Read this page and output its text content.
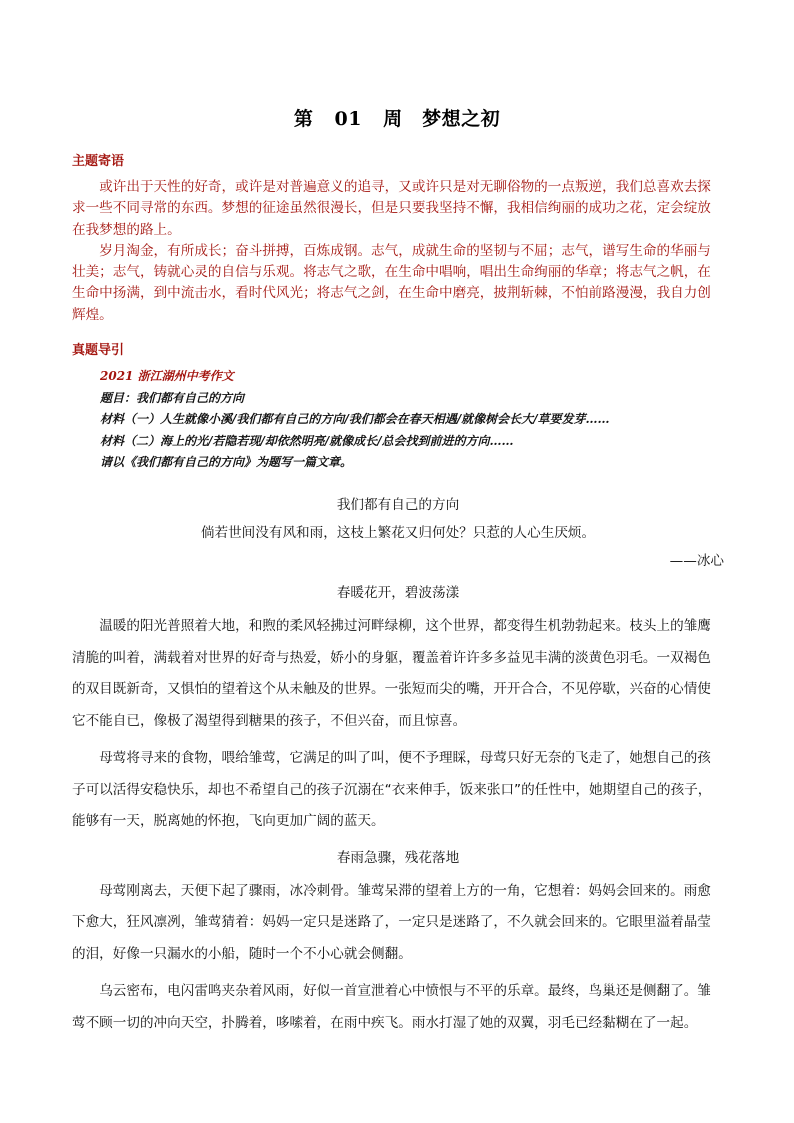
第 01 周　梦想之初
主题寄语

或许出于天性的好奇，或许是对普遍意义的追寻，又或许只是对无聊俗物的一点叛逆，我们总喜欢去探求一些不同寻常的东西。梦想的征途虽然很漫长，但是只要我坚持不懈，我相信绚丽的成功之花，定会绽放在我梦想的路上。

岁月淘金，有所成长；奋斗拼搏，百炼成钢。志气，成就生命的坚韧与不屈；志气，谱写生命的华丽与壮美；志气，铸就心灵的自信与乐观。将志气之歌，在生命中唱响，唱出生命绚丽的华章；将志气之帆，在生命中扬满，到中流击水，看时代风光；将志气之剑，在生命中磨亮，披荆斩棘，不怕前路漫漫，我自力创辉煌。

真题导引
2021 浙江湖州中考作文
题目：我们都有自己的方向
材料（一）人生就像小溪/我们都有自己的方向/我们都会在春天相遇/就像树会长大/草要发芽……
材料（二）海上的光/若隐若现/却依然明亮/就像成长/总会找到前进的方向……
请以《我们都有自己的方向》为题写一篇文章。
我们都有自己的方向
倘若世间没有风和雨，这枝上繁花又归何处？只惹的人心生厌烦。
——冰心
春暖花开，碧波荡漾

温暖的阳光普照着大地，和煦的柔风轻拂过河畔绿柳，这个世界，都变得生机勃勃起来。枝头上的雏鹰清脆的叫着，满载着对世界的好奇与热爱，娇小的身躯，覆盖着许许多多益见丰满的淡黄色羽毛。一双褐色的双目既新奇，又惧怕的望着这个从未触及的世界。一张短而尖的嘴，开开合合，不见停歇，兴奋的心情使它不能自已，像极了渴望得到糖果的孩子，不但兴奋，而且惊喜。

母莺将寻来的食物，喂给雏莺，它满足的叫了叫，便不予理睬，母莺只好无奈的飞走了，她想自己的孩子可以活得安稳快乐，却也不希望自己的孩子沉溺在“衣来伸手，饭来张口”的任性中，她期望自己的孩子，能够有一天，脱离她的怀抱，飞向更加广阔的蓝天。

春雨急骤，残花落地

母莺刚离去，天便下起了骤雨，冰冷刺骨。雏莺呆滞的望着上方的一角，它想着：妈妈会回来的。雨愈下愈大，狂风凛冽，雏莺猜着：妈妈一定只是迷路了，一定只是迷路了，不久就会回来的。它眼里溢着晶莹的泪，好像一只漏水的小船，随时一个不小心就会侧翻。

乌云密布，电闪雷鸣夹杂着风雨，好似一首宣泄着心中愤恨与不平的乐章。最终，鸟巢还是侧翻了。雏莺不顾一切的冲向天空，扑腾着，哆嗦着，在雨中疾飞。雨水打湿了她的双翼，羽毛已经黏糊在了一起。
